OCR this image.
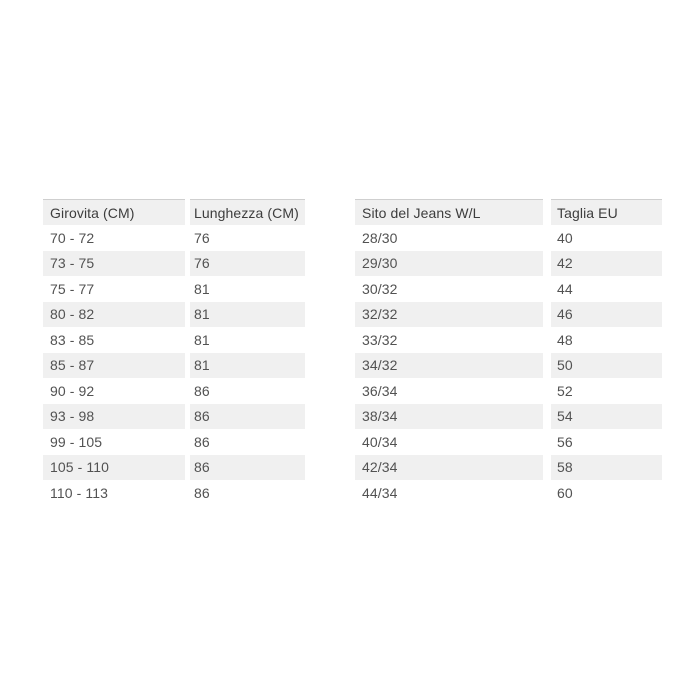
Girovita (CM)	Lunghezza (CM)	Sito del Jeans W/L	Taglia EU
70 - 72	76	28/30	40
73 - 75	76	29/30	42
75 - 77	81	30/32	44
80 - 82	81	32/32	46
83 - 85	81	33/32	48
85 - 87	81	34/32	50
90 - 92	86	36/34	52
93 - 98	86	38/34	54
99 - 105	86	40/34	56
105 - 110	86	42/34	58
110 - 113	86	44/34	60
